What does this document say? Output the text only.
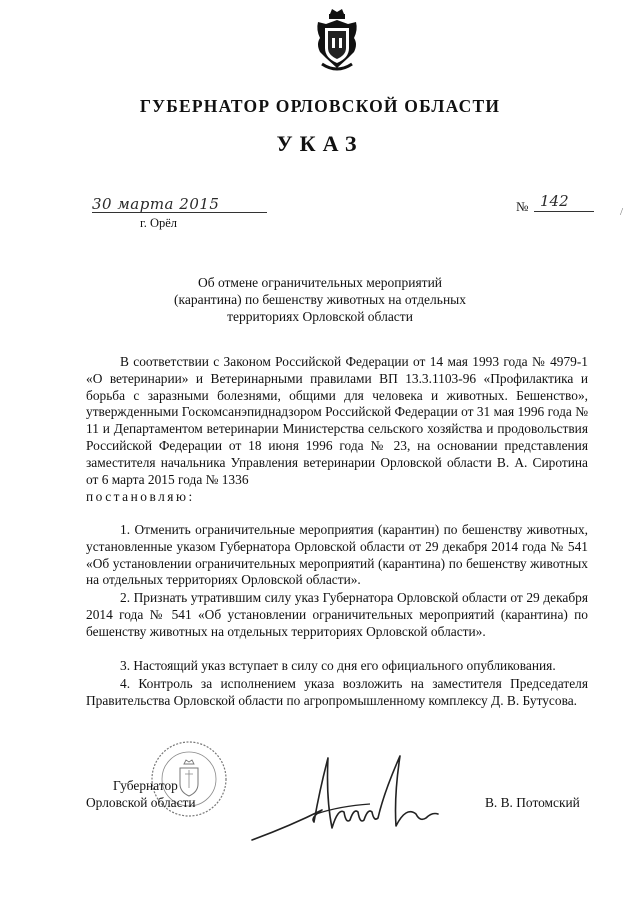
ГУБЕРНАТОР ОРЛОВСКОЙ ОБЛАСТИ
УКАЗ
30 марта 2015
г. Орёл
№ 142
/
Об отмене ограничительных мероприятий
(карантина) по бешенству животных на отдельных
территориях Орловской области

В соответствии с Законом Российской Федерации от 14 мая 1993 года № 4979-1 «О ветеринарии» и Ветеринарными правилами ВП 13.3.1103-96 «Профилактика и борьба с заразными болезнями, общими для человека и животных. Бешенство», утвержденными Госкомсанэпиднадзором Российской Федерации от 31 мая 1996 года № 11 и Департаментом ветеринарии Министерства сельского хозяйства и продовольствия Российской Федерации от 18 июня 1996 года № 23, на основании представления заместителя начальника Управления ветеринарии Орловской области В. А. Сиротина от 6 марта 2015 года № 1336

постановляю:

1. Отменить ограничительные мероприятия (карантин) по бешенству животных, установленные указом Губернатора Орловской области от 29 декабря 2014 года № 541 «Об установлении ограничительных мероприятий (карантина) по бешенству животных на отдельных территориях Орловской области».

2. Признать утратившим силу указ Губернатора Орловской области от 29 декабря 2014 года № 541 «Об установлении ограничительных мероприятий (карантина) по бешенству животных на отдельных территориях Орловской области».

3. Настоящий указ вступает в силу со дня его официального опубликования.

4. Контроль за исполнением указа возложить на заместителя Председателя Правительства Орловской области по агропромышленному комплексу Д. В. Бутусова.

Губернатор
Орловской области	В. В. Потомский
